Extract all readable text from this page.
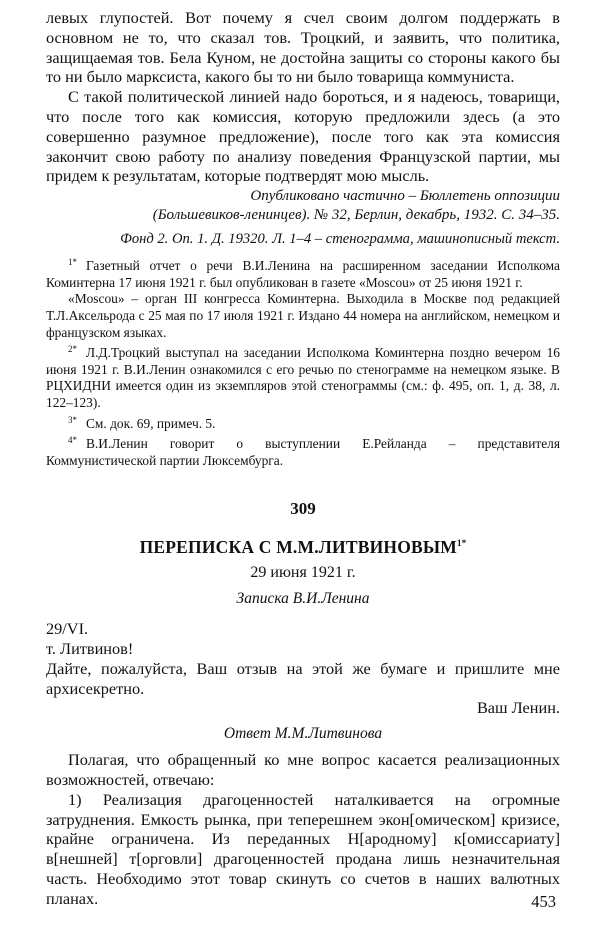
левых глупостей. Вот почему я счел своим долгом поддержать в основном не то, что сказал тов. Троцкий, и заявить, что политика, защищаемая тов. Бела Куном, не достойна защиты со стороны какого бы то ни было марксиста, какого бы то ни было товарища коммуниста.

С такой политической линией надо бороться, и я надеюсь, товарищи, что после того как комиссия, которую предложили здесь (а это совершенно разумное предложение), после того как эта комиссия закончит свою работу по анализу поведения Французской партии, мы придем к результатам, которые подтвердят мою мысль.

Опубликовано частично – Бюллетень оппозиции
(Большевиков-ленинцев). № 32, Берлин, декабрь, 1932. С. 34–35.
Фонд 2. Оп. 1. Д. 19320. Л. 1–4 – стенограмма, машинописный текст.

1* Газетный отчет о речи В.И.Ленина на расширенном заседании Исполкома Коминтерна 17 июня 1921 г. был опубликован в газете «Moscou» от 25 июня 1921 г.

«Moscou» – орган III конгресса Коминтерна. Выходила в Москве под редакцией Т.Л.Аксельрода с 25 мая по 17 июля 1921 г. Издано 44 номера на английском, немецком и французском языках.

2* Л.Д.Троцкий выступал на заседании Исполкома Коминтерна поздно вечером 16 июня 1921 г. В.И.Ленин ознакомился с его речью по стенограмме на немецком языке. В РЦХИДНИ имеется один из экземпляров этой стенограммы (см.: ф. 495, оп. 1, д. 38, л. 122–123).

3* См. док. 69, примеч. 5.

4* В.И.Ленин говорит о выступлении Е.Рейланда – представителя Коммунистической партии Люксембурга.

309
ПЕРЕПИСКА С М.М.ЛИТВИНОВЫМ$^{1*}$
29 июня 1921 г.
Записка В.И.Ленина

29/VI.

т. Литвинов!

Дайте, пожалуйста, Ваш отзыв на этой же бумаге и пришлите мне архисекретно.

Ваш Ленин.

Ответ М.М.Литвинова

Полагая, что обращенный ко мне вопрос касается реализационных возможностей, отвечаю:

1) Реализация драгоценностей наталкивается на огромные затруднения. Емкость рынка, при теперешнем экон[омическом] кризисе, крайне ограничена. Из переданных Н[ародному] к[омиссариату] в[нешней] т[орговли] драгоценностей продана лишь незначительная часть. Необходимо этот товар скинуть со счетов в наших валютных планах.	453
